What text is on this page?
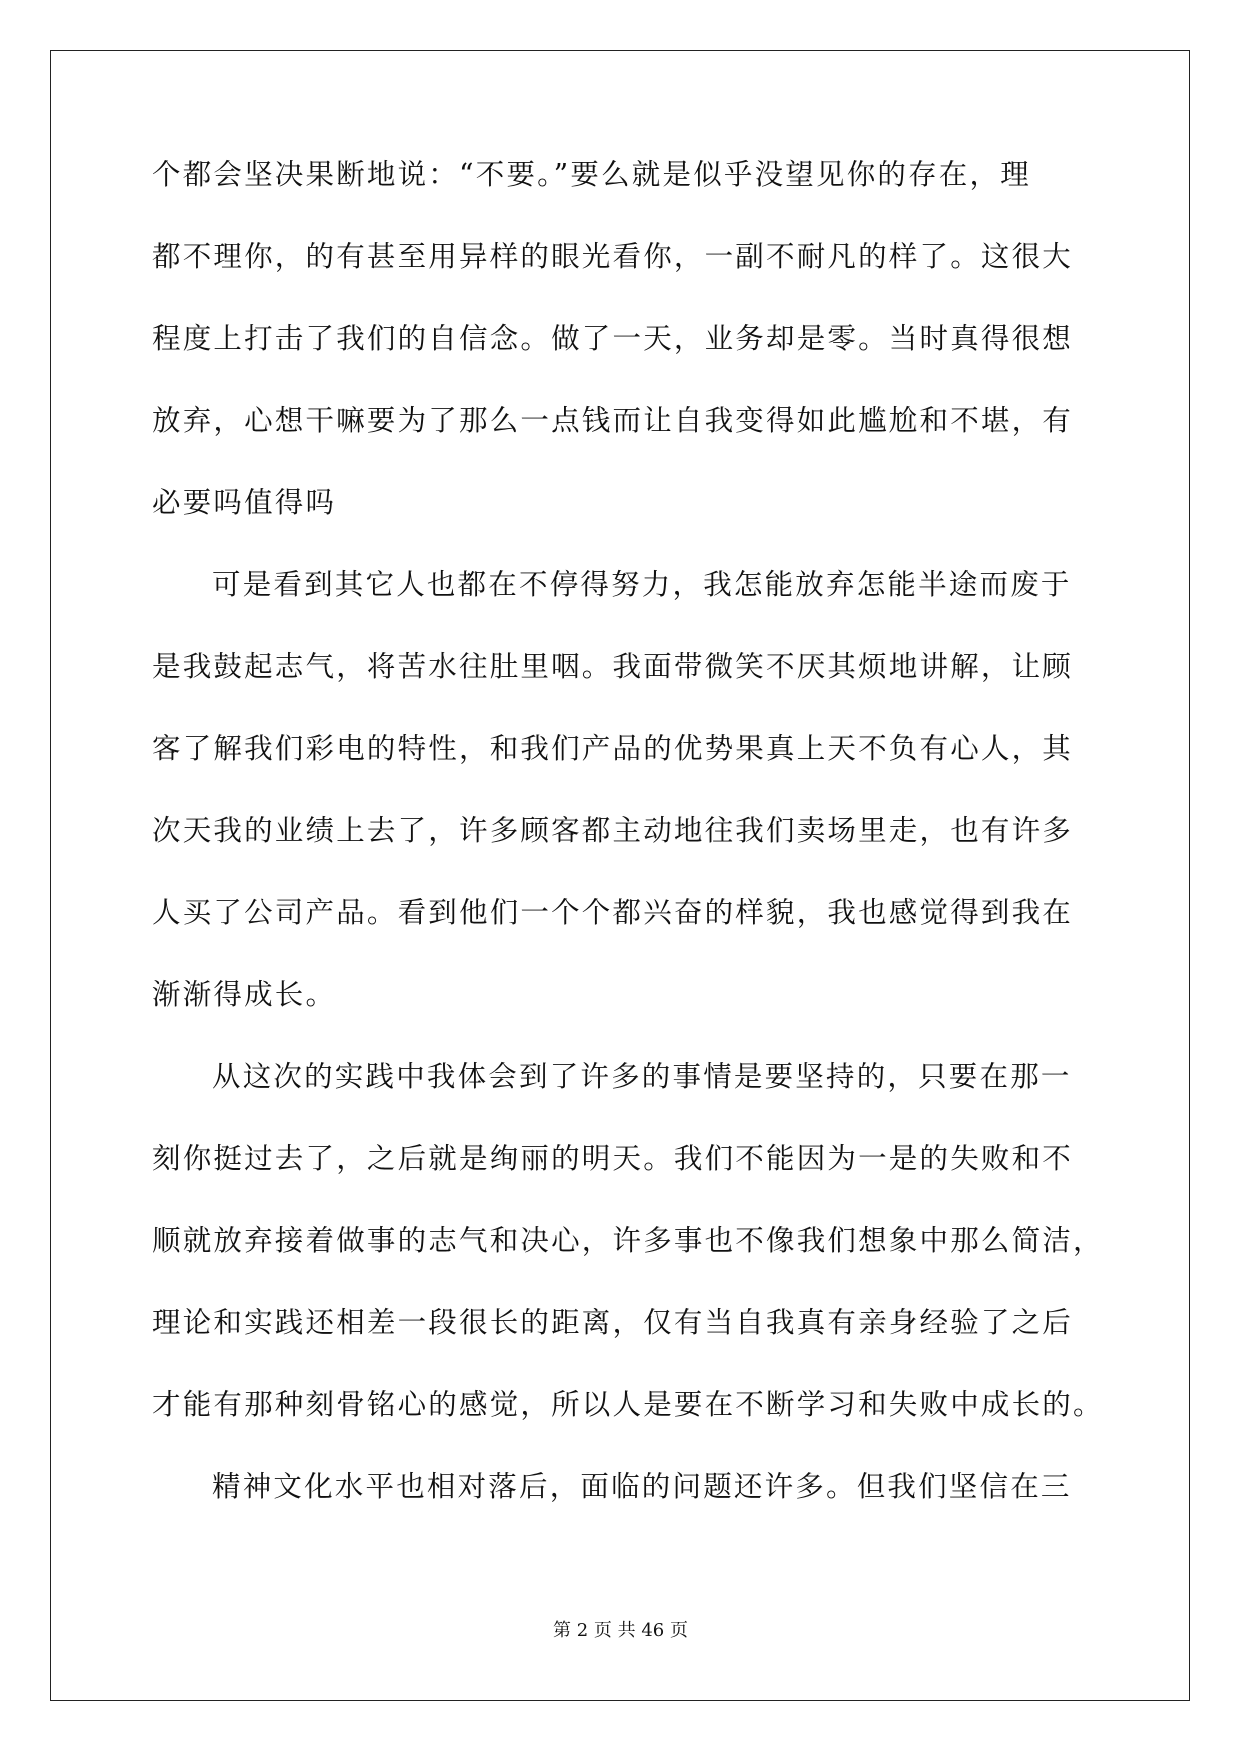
个都会坚决果断地说：“不要。”要么就是似乎没望见你的存在，理
都不理你，的有甚至用异样的眼光看你，一副不耐凡的样了。这很大
程度上打击了我们的自信念。做了一天，业务却是零。当时真得很想
放弃，心想干嘛要为了那么一点钱而让自我变得如此尴尬和不堪，有
必要吗值得吗
可是看到其它人也都在不停得努力，我怎能放弃怎能半途而废于
是我鼓起志气，将苦水往肚里咽。我面带微笑不厌其烦地讲解，让顾
客了解我们彩电的特性，和我们产品的优势果真上天不负有心人，其
次天我的业绩上去了，许多顾客都主动地往我们卖场里走，也有许多
人买了公司产品。看到他们一个个都兴奋的样貌，我也感觉得到我在
渐渐得成长。
从这次的实践中我体会到了许多的事情是要坚持的，只要在那一
刻你挺过去了，之后就是绚丽的明天。我们不能因为一是的失败和不
顺就放弃接着做事的志气和决心，许多事也不像我们想象中那么简洁，
理论和实践还相差一段很长的距离，仅有当自我真有亲身经验了之后
才能有那种刻骨铭心的感觉，所以人是要在不断学习和失败中成长的。
精神文化水平也相对落后，面临的问题还许多。但我们坚信在三
第 2 页 共 46 页
